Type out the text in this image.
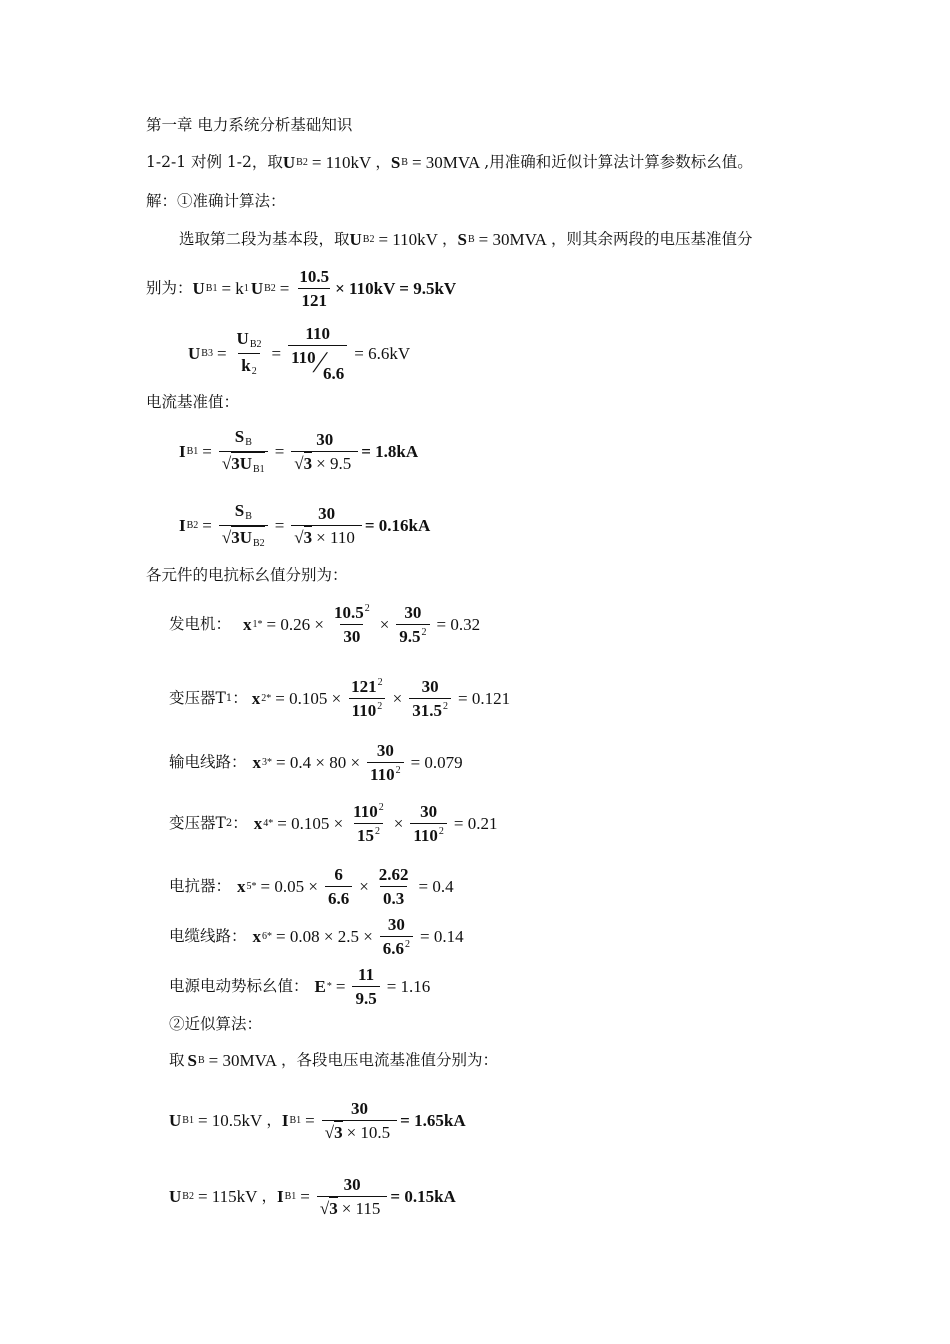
第一章 电力系统分析基础知识
1-2-1 对例 1-2，取 U B2 = 110kV ， S B = 30MVA ,用准确和近似计算法计算参数标幺值。
解：①准确计算法：
选取第二段为基本段，取 U B2 = 110kV ， S B = 30MVA ，则其余两段的电压基准值分
别为： U B1 = k 1 U $B2 = \frac{10.5}{121} \times 110kV = 9.5kV$
U $B3 = \frac{U_{B2}}{k_2} = 110$
110
/
6.6 = 6.6kV
电流基准值：
I $B1 = \frac{S_B}{√3U_{B1}} = \frac{30}{√3 \times 9.5} = 1.8kA$
I $B2 = \frac{S_B}{√3U_{B2}} = \frac{30}{√3 \times 110} = 0.16kA$
各元件的电抗标幺值分别为：
发电机： x $1* = 0.26 \times \frac{10.5^2}{30} \times \frac{30}{9.5^2} = 0.32$
变压器T 1 ： x $2* = 0.105 \times \frac{121^2}{110^2} \times \frac{30}{31.5^2} = 0.121$
输电线路： x $3* = 0.4 \times 80 \times \frac{30}{110^2} = 0.079$
变压器T 2 ： x $4* = 0.105 \times \frac{110^2}{15^2} \times \frac{30}{110^2} = 0.21$
电抗器： x $5* = 0.05 \times \frac{6}{6.6} \times \frac{2.62}{0.3} = 0.4$
电缆线路： x $6* = 0.08 \times 2.5 \times \frac{30}{6.6^2} = 0.14$
电源电动势标幺值： E * = $\frac{11}{9.5} = 1.16$
②近似算法：
取 S B = 30MVA ，各段电压电流基准值分别为：
U B1 = 10.5kV ， I $B1 = \frac{30}{√3 \times 10.5} = 1.65kA$
U B2 = 115kV ， I $B1 = \frac{30}{√3 \times 115} = 0.15kA$
